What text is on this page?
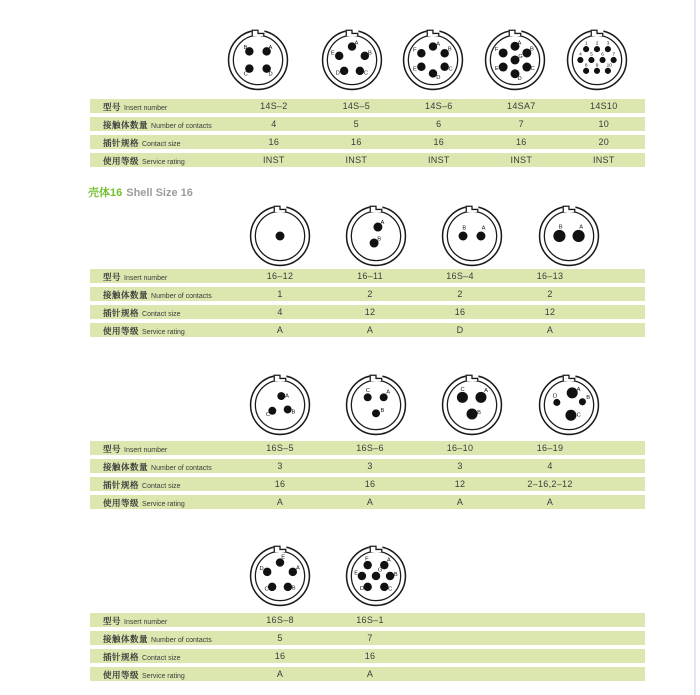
壳体16 Shell Size 16
B A
C D
A
B
C
D
E
A
B
C
D
E
F
A
B
C
D
E
F
G
1 2 3
4 5 6 7
8 9 10
型号 Insert number	14S–2	14S–5	14S–6	14SA7	14S10
接触体数量 Number of contacts	4	5	6	7	10
插针规格 Contact size	16	16	16	16	20
使用等级 Service rating	INST	INST	INST	INST	INST
A
B
B A	B A
型号 Insert number	16–12	16–11	16S–4	16–13
接触体数量 Number of contacts	1	2	2	2
插针规格 Contact size	4	12	16	12
使用等级 Service rating	A	A	D	A
A
C B
C A
B
C A
B
A
D	B
C
型号 Insert number	16S–5	16S–6	16–10	16–19
接触体数量 Number of contacts	3	3	3	4
插针规格 Contact size	16	16	12	2–16,2–12
使用等级 Service rating	A	A	A	A
E
A
B
C
D
F A
E
G
B
D	C
型号 Insert number	16S–8	16S–1
接触体数量 Number of contacts	5	7
插针规格 Contact size	16	16
使用等级 Service rating	A	A
